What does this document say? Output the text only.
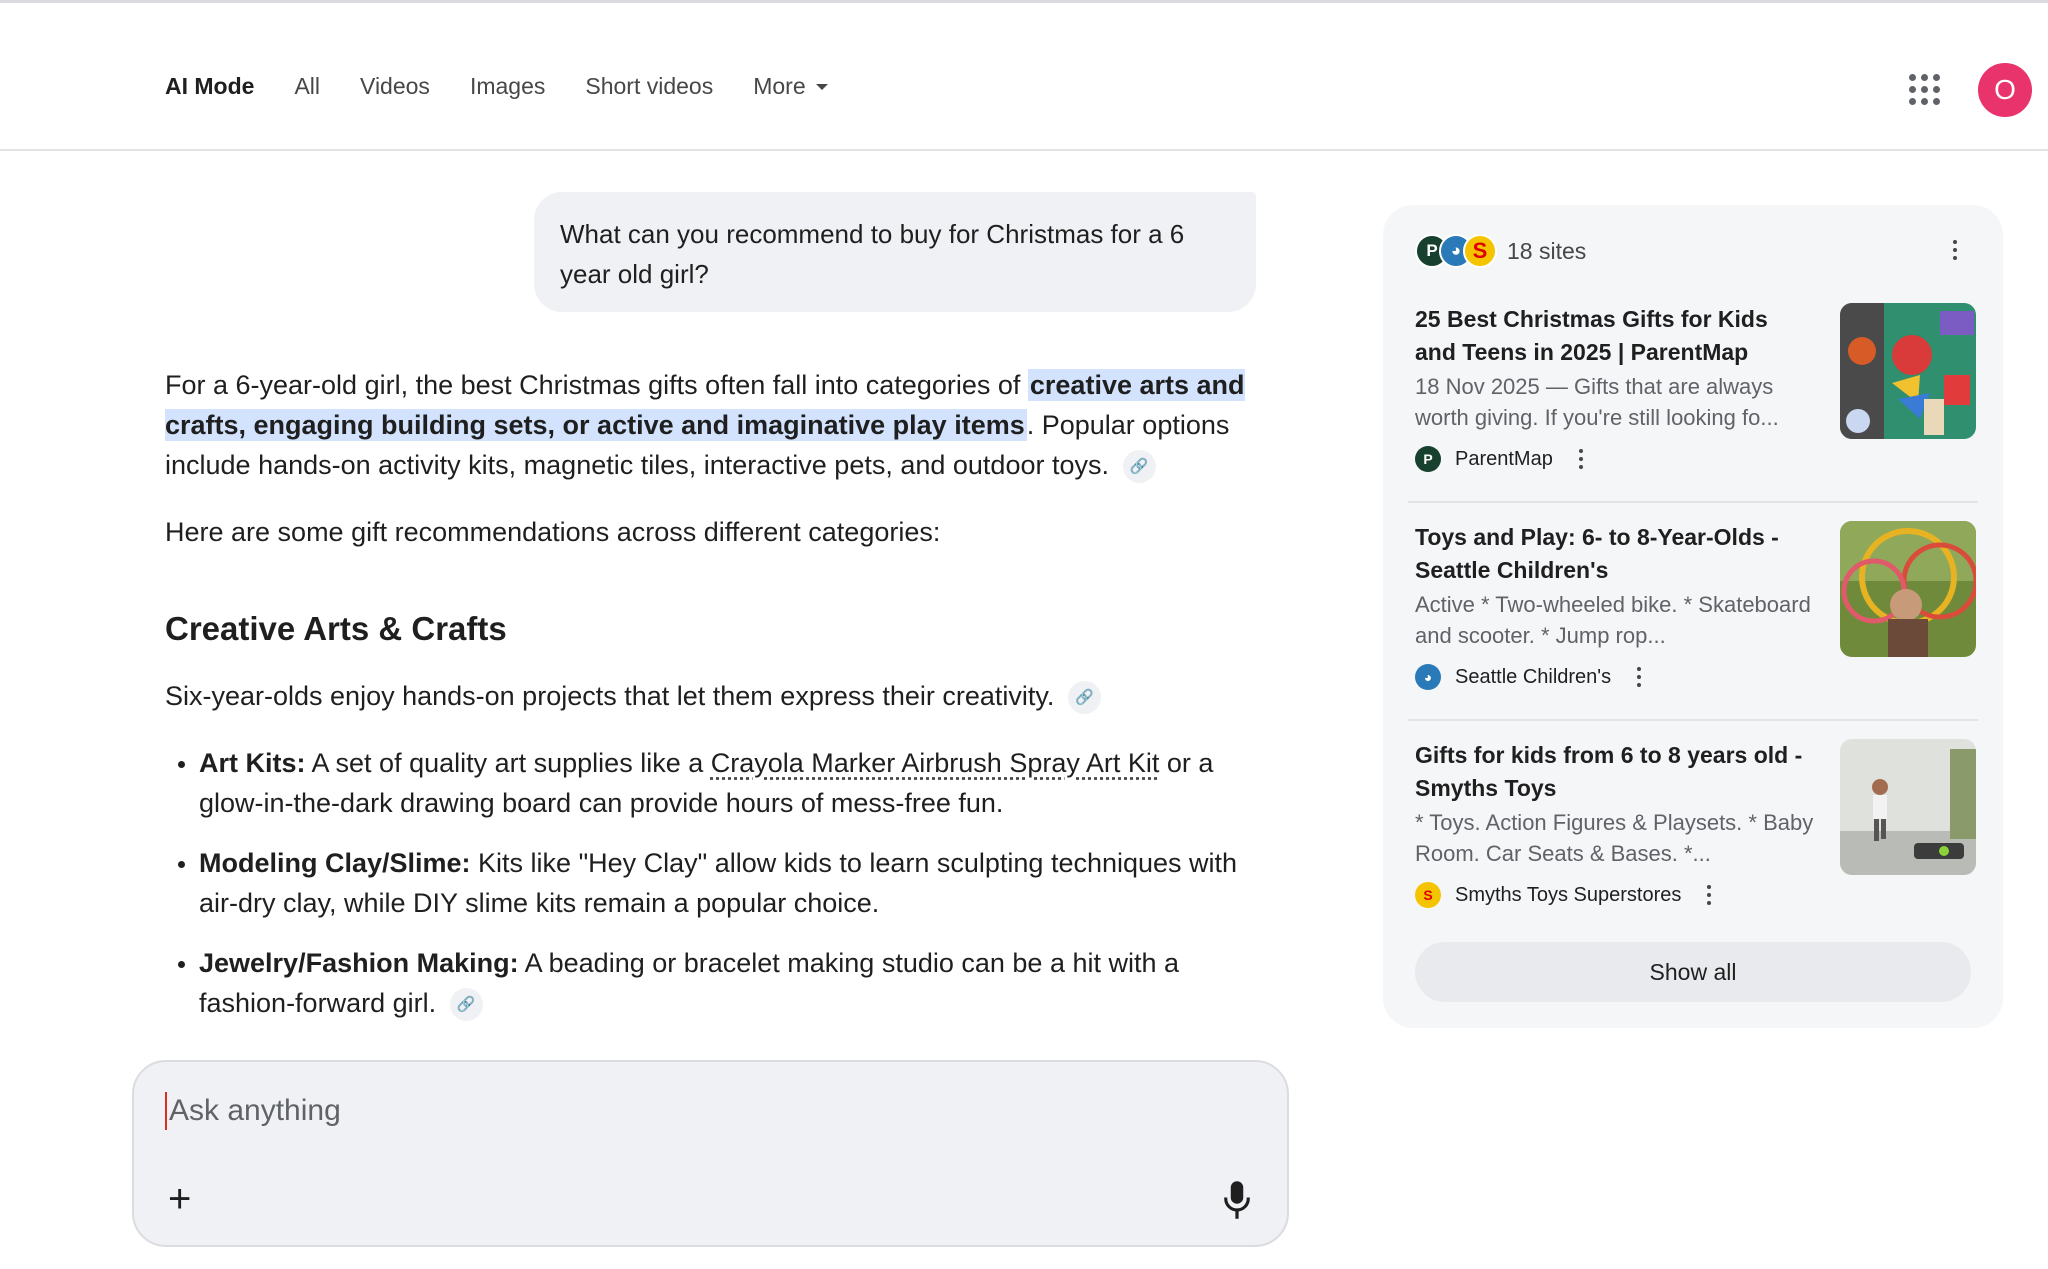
AI Mode All Videos Images Short videos More	O
What can you recommend to buy for Christmas for a 6 year old girl?

For a 6-year-old girl, the best Christmas gifts often fall into categories of creative arts and crafts, engaging building sets, or active and imaginative play items. Popular options include hands-on activity kits, magnetic tiles, interactive pets, and outdoor toys. 🔗

Here are some gift recommendations across different categories:

Creative Arts & Crafts

Six-year-olds enjoy hands-on projects that let them express their creativity. 🔗

• Art Kits: A set of quality art supplies like a Crayola Marker Airbrush Spray Art Kit or a glow-in-the-dark drawing board can provide hours of mess-free fun.
• Modeling Clay/Slime: Kits like "Hey Clay" allow kids to learn sculpting techniques with air-dry clay, while DIY slime kits remain a popular choice.
• Jewelry/Fashion Making: A beading or bracelet making studio can be a hit with a fashion-forward girl. 🔗
Ask anything
+
P ◕ S 18 sites
25 Best Christmas Gifts for Kids and Teens in 2025 | ParentMap
18 Nov 2025 — Gifts that are always worth giving. If you're still looking fo...
P	ParentMap
Toys and Play: 6- to 8-Year-Olds - Seattle Children's
Active * Two-wheeled bike. * Skateboard and scooter. * Jump rop...
◕	Seattle Children's
Gifts for kids from 6 to 8 years old - Smyths Toys
* Toys. Action Figures & Playsets. * Baby Room. Car Seats & Bases. *...
S	Smyths Toys Superstores
Show all
